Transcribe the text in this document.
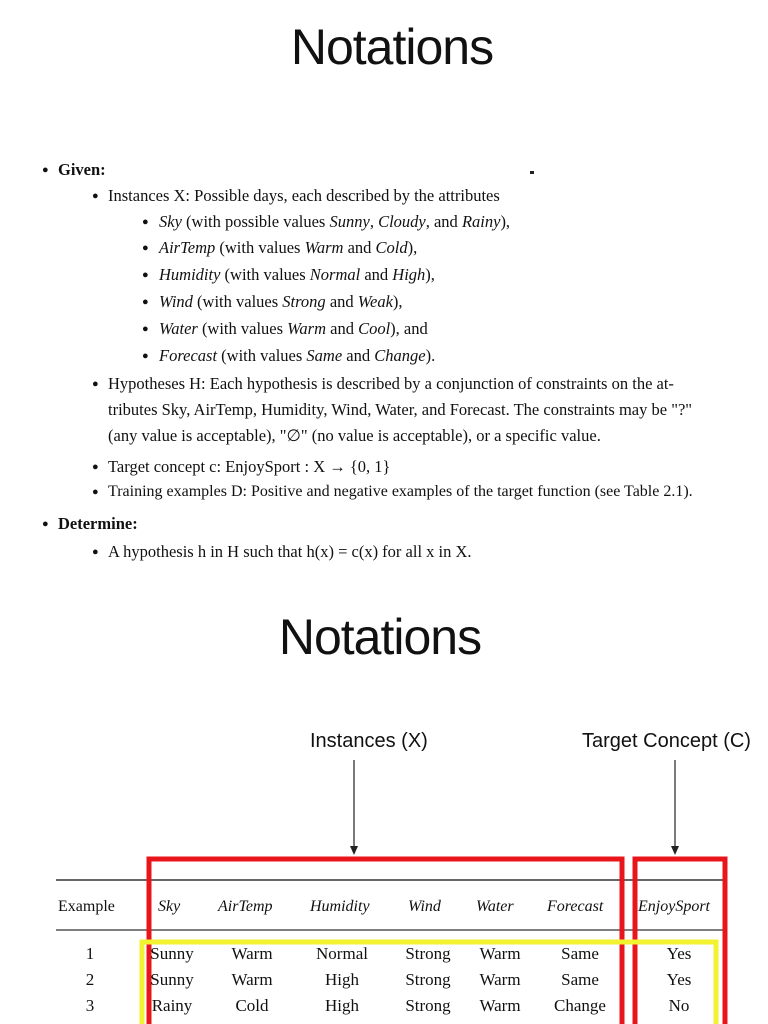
Notations
● Given:
● Instances X: Possible days, each described by the attributes
● Sky (with possible values Sunny, Cloudy, and Rainy),
● AirTemp (with values Warm and Cold),
● Humidity (with values Normal and High),
● Wind (with values Strong and Weak),
● Water (with values Warm and Cool), and
● Forecast (with values Same and Change).
● Hypotheses H: Each hypothesis is described by a conjunction of constraints on the at-
tributes Sky, AirTemp, Humidity, Wind, Water, and Forecast. The constraints may be "?"
(any value is acceptable), "∅" (no value is acceptable), or a specific value.
● Target concept c: EnjoySport : X → {0, 1}
● Training examples D: Positive and negative examples of the target function (see Table 2.1).
● Determine:
● A hypothesis h in H such that h(x) = c(x) for all x in X.
Notations
Instances (X)	Target Concept (C)
Example	Sky AirTemp Humidity Wind Water Forecast EnjoySport
1	Sunny	Warm	Normal	Strong	Warm	Same	Yes
2	Sunny	Warm	High	Strong	Warm	Same	Yes
3	Rainy	Cold	High	Strong	Warm	Change	No
